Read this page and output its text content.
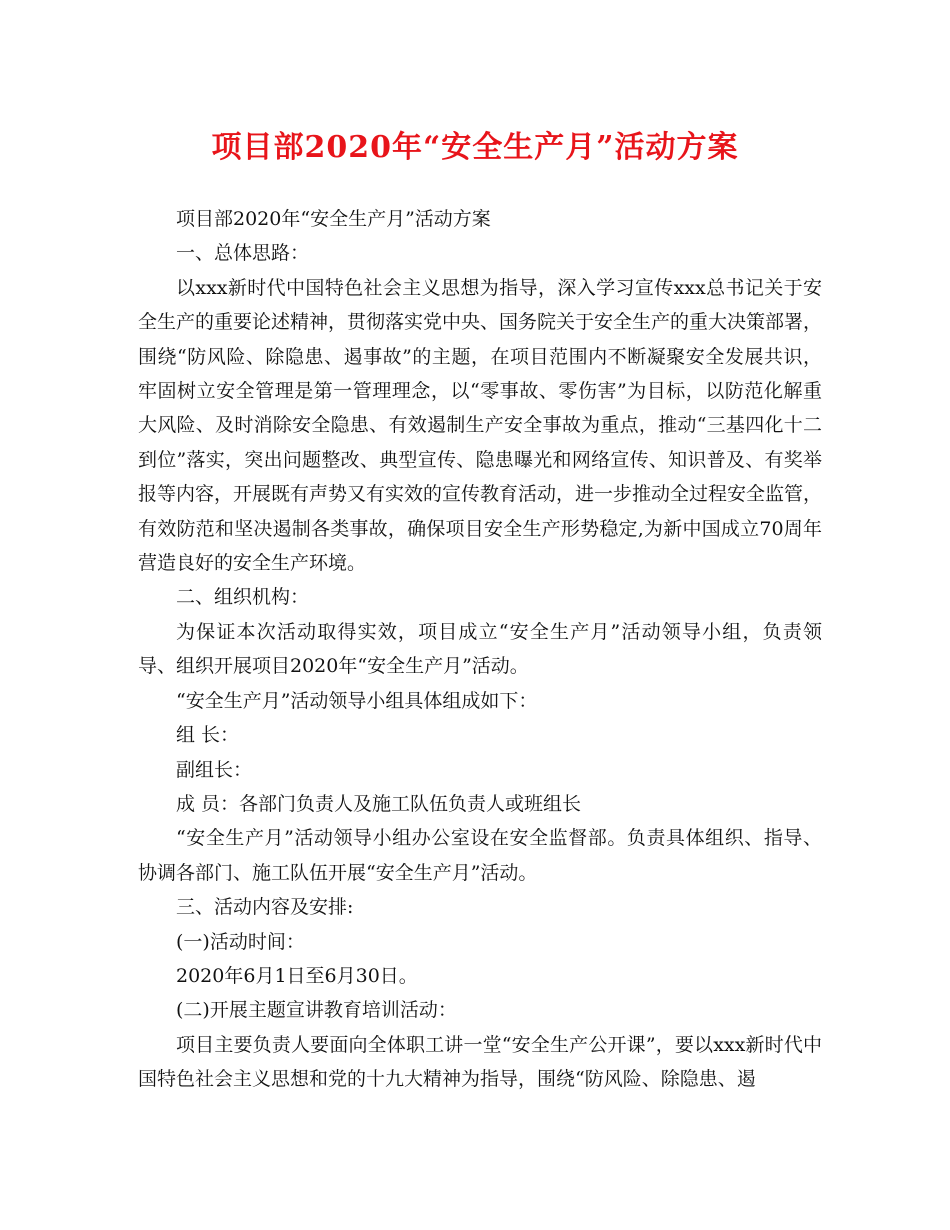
项目部2020年“安全生产月”活动方案

项目部2020年“安全生产月”活动方案

一、总体思路：

以xxx新时代中国特色社会主义思想为指导，深入学习宣传xxx总书记关于安全生产的重要论述精神，贯彻落实党中央、国务院关于安全生产的重大决策部署，围绕“防风险、除隐患、遏事故”的主题，在项目范围内不断凝聚安全发展共识，牢固树立安全管理是第一管理理念，以“零事故、零伤害”为目标，以防范化解重大风险、及时消除安全隐患、有效遏制生产安全事故为重点，推动“三基四化十二到位”落实，突出问题整改、典型宣传、隐患曝光和网络宣传、知识普及、有奖举报等内容，开展既有声势又有实效的宣传教育活动，进一步推动全过程安全监管，有效防范和坚决遏制各类事故，确保项目安全生产形势稳定,为新中国成立70周年营造良好的安全生产环境。

二、组织机构：

为保证本次活动取得实效，项目成立“安全生产月”活动领导小组，负责领导、组织开展项目2020年“安全生产月”活动。

“安全生产月”活动领导小组具体组成如下：

组 长：

副组长：

成 员：各部门负责人及施工队伍负责人或班组长

“安全生产月”活动领导小组办公室设在安全监督部。负责具体组织、指导、协调各部门、施工队伍开展“安全生产月”活动。

三、活动内容及安排:

(一)活动时间：

2020年6月1日至6月30日。

(二)开展主题宣讲教育培训活动：

项目主要负责人要面向全体职工讲一堂“安全生产公开课”，要以xxx新时代中国特色社会主义思想和党的十九大精神为指导，围绕“防风险、除隐患、遏
